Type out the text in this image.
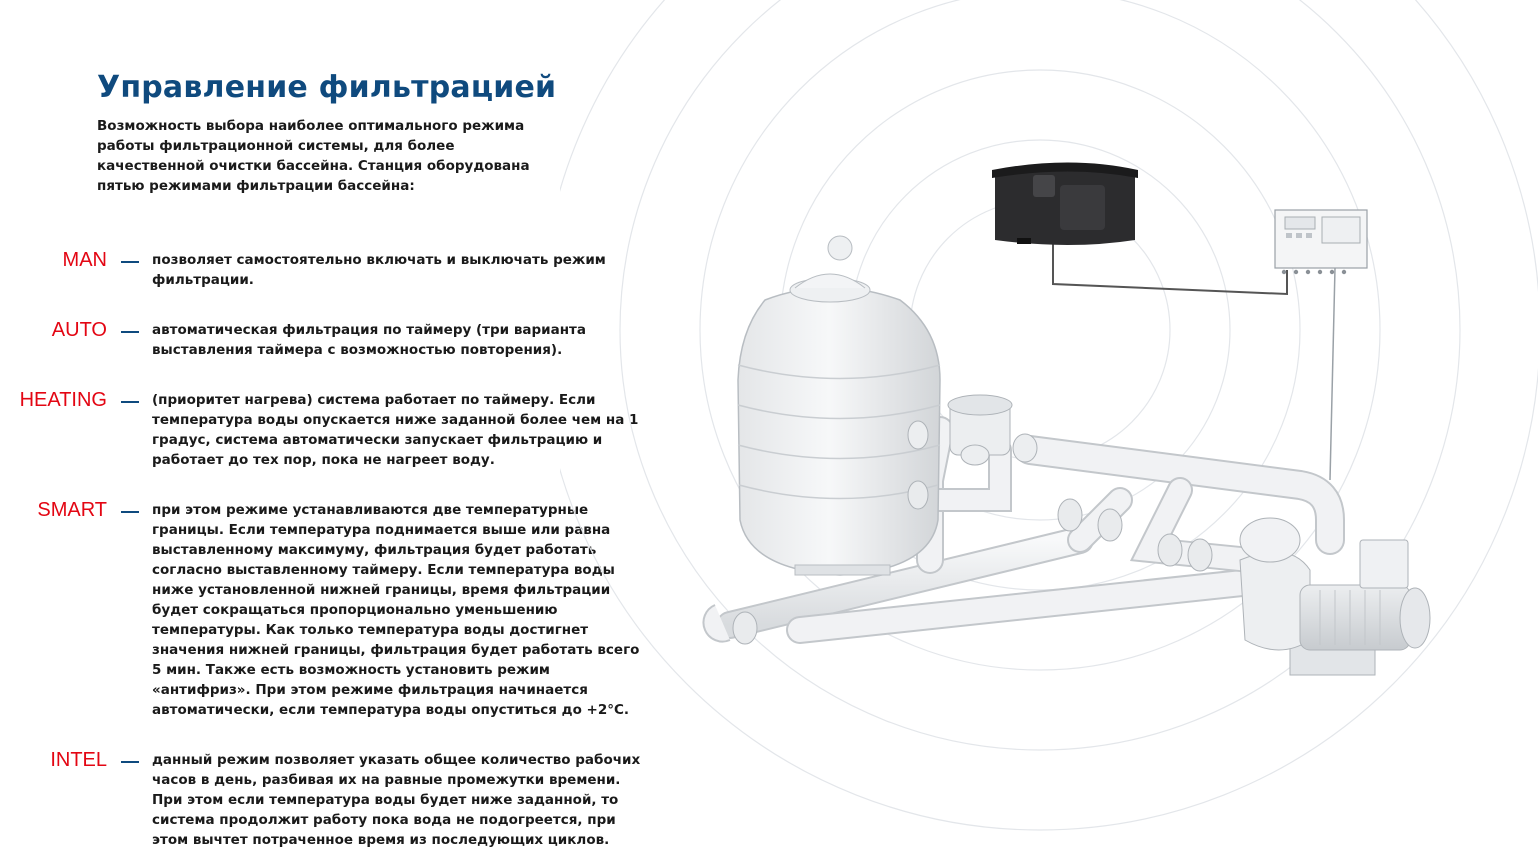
Управление фильтрацией
Возможность выбора наиболее оптимального режима работы фильтрационной системы, для более качественной очистки бассейна. Станция оборудована пятью режимами фильтрации бассейна:
MAN	позволяет самостоятельно включать и выключать режим фильтрации.
AUTO	автоматическая фильтрация по таймеру (три варианта выставления таймера с возможностью повторения).
HEATING	(приоритет нагрева) система работает по таймеру. Если температура воды опускается ниже заданной более чем на 1 градус, система автоматически запускает фильтрацию и работает до тех пор, пока не нагреет воду.
SMART	при этом режиме устанавливаются две температурные границы. Если температура поднимается выше или равна выставленному максимуму, фильтрация будет работать согласно выставленному таймеру. Если температура воды ниже установленной нижней границы, время фильтрации будет сокращаться пропорционально уменьшению температуры. Как только температура воды достигнет значения нижней границы, фильтрация будет работать всего 5 мин. Также есть возможность установить режим «антифриз». При этом режиме фильтрация начинается автоматически, если температура воды опуститься до +2°С.
INTEL	данный режим позволяет указать общее количество рабочих часов в день, разбивая их на равные промежутки времени. При этом если температура воды будет ниже заданной, то система продолжит работу пока вода не подогреется, при этом вычтет потраченное время из последующих циклов.
